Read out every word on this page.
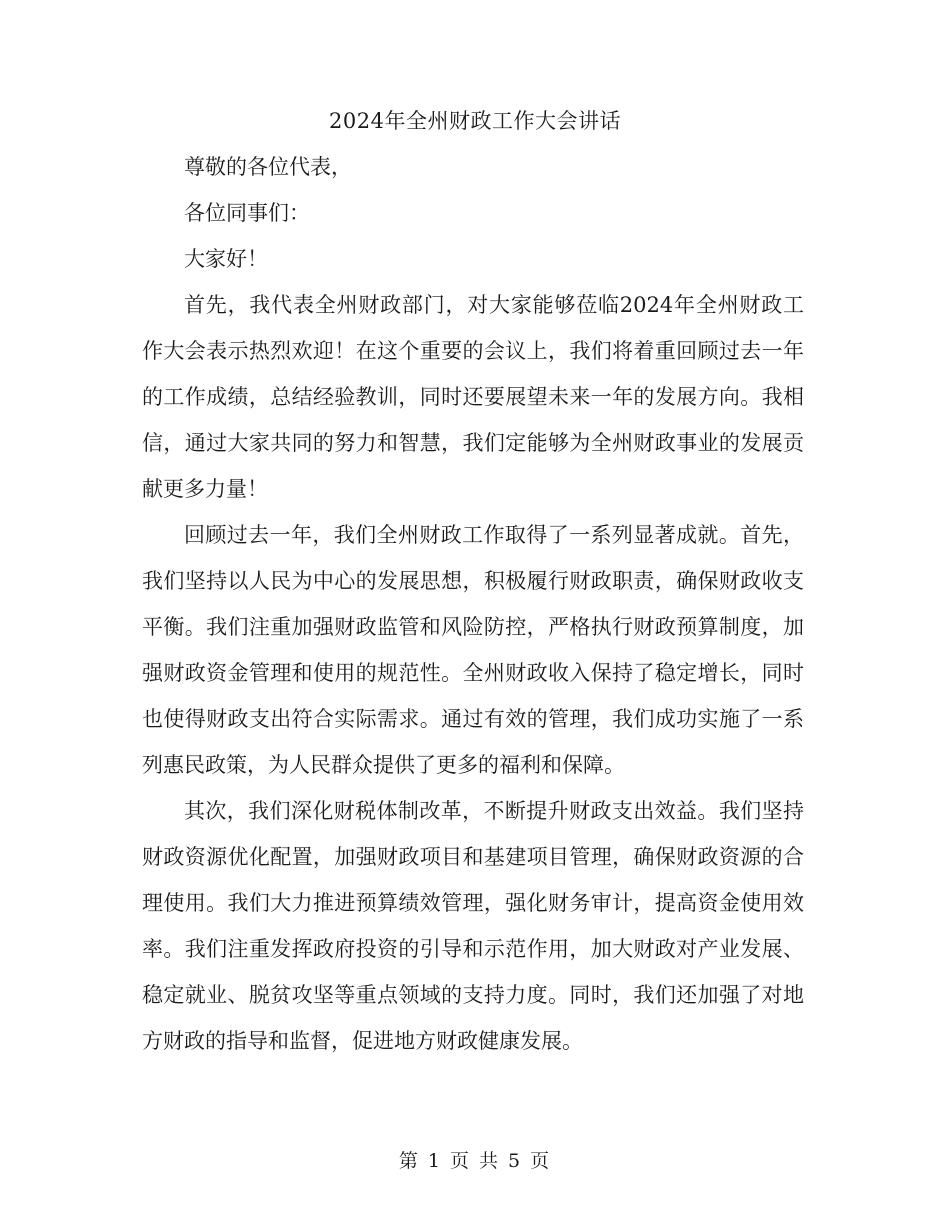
2024年全州财政工作大会讲话

尊敬的各位代表，

各位同事们：

大家好！

首先，我代表全州财政部门，对大家能够莅临2024年全州财政工作大会表示热烈欢迎！在这个重要的会议上，我们将着重回顾过去一年的工作成绩，总结经验教训，同时还要展望未来一年的发展方向。我相信，通过大家共同的努力和智慧，我们定能够为全州财政事业的发展贡献更多力量！

回顾过去一年，我们全州财政工作取得了一系列显著成就。首先，我们坚持以人民为中心的发展思想，积极履行财政职责，确保财政收支平衡。我们注重加强财政监管和风险防控，严格执行财政预算制度，加强财政资金管理和使用的规范性。全州财政收入保持了稳定增长，同时也使得财政支出符合实际需求。通过有效的管理，我们成功实施了一系列惠民政策，为人民群众提供了更多的福利和保障。

其次，我们深化财税体制改革，不断提升财政支出效益。我们坚持财政资源优化配置，加强财政项目和基建项目管理，确保财政资源的合理使用。我们大力推进预算绩效管理，强化财务审计，提高资金使用效率。我们注重发挥政府投资的引导和示范作用，加大财政对产业发展、稳定就业、脱贫攻坚等重点领域的支持力度。同时，我们还加强了对地方财政的指导和监督，促进地方财政健康发展。

第 1 页 共 5 页
